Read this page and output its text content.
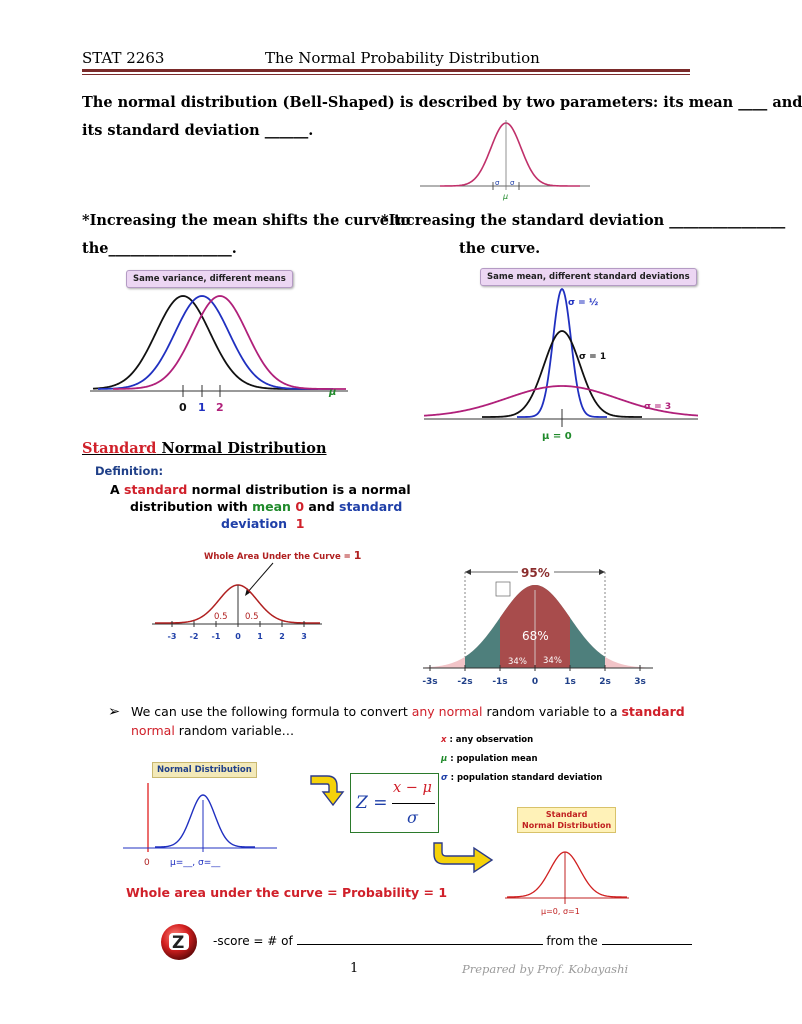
STAT 2263	The Normal Probability Distribution
The normal distribution (Bell-Shaped) is described by two parameters: its mean ____ and
its standard deviation ______.
σ σ
μ
*Increasing the mean shifts the curve to
the_________________.
*Increasing the standard deviation ________________
the curve.
Same variance, different means
0 1 2
μ
Same mean, different standard deviations
σ = ½
σ = 1
σ = 3
μ = 0
Standard Normal Distribution
Definition:
A standard normal distribution is a normal
distribution with mean 0 and standard
deviation 1
Whole Area Under the Curve = 1
0.5 0.5
-3 -2 -1 0 1 2 3
95%
68%
34% 34%
-3s -2s -1s	0	1s	2s	3s
➢ We can use the following formula to convert any normal random variable to a standard
normal random variable…
x : any observation
μ : population mean
σ : population standard deviation
Normal Distribution
0 μ=__, σ=__
Z =
x − μ
σ	Standard
Normal Distribution
μ=0, σ=1
Whole area under the curve = Probability = 1
Z -score = # of	from the
1	Prepared by Prof. Kobayashi
